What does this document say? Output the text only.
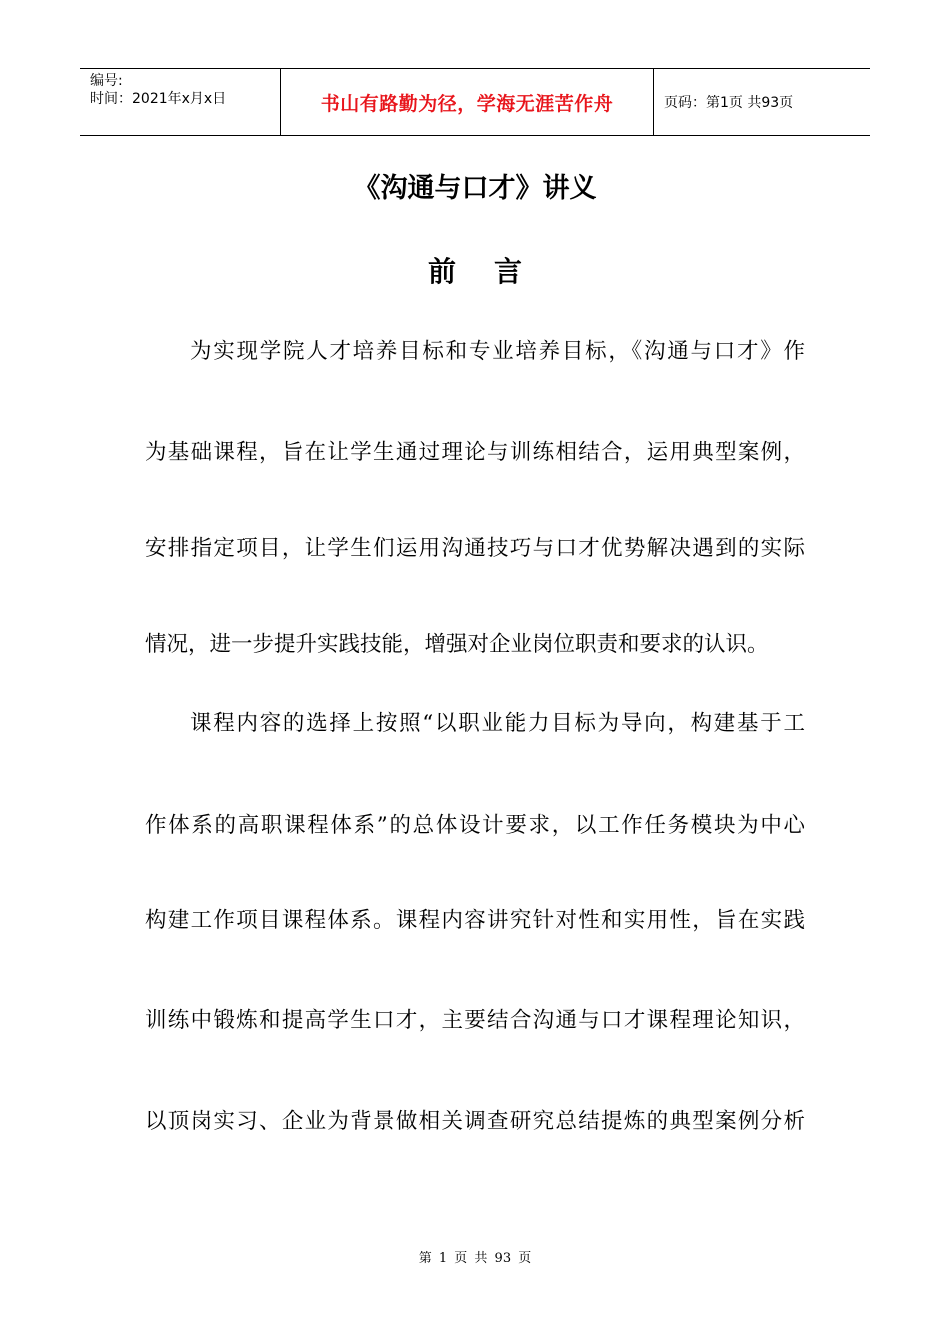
编号:
时间：2021年x月x日	书山有路勤为径，学海无涯苦作舟	页码：第1页 共93页
《沟通与口才》讲义
前言
为实现学院人才培养目标和专业培养目标，《沟通与口才》作
为基础课程，旨在让学生通过理论与训练相结合，运用典型案例，
安排指定项目，让学生们运用沟通技巧与口才优势解决遇到的实际
情况，进一步提升实践技能，增强对企业岗位职责和要求的认识。
课程内容的选择上按照“以职业能力目标为导向，构建基于工
作体系的高职课程体系”的总体设计要求，以工作任务模块为中心
构建工作项目课程体系。课程内容讲究针对性和实用性，旨在实践
训练中锻炼和提高学生口才，主要结合沟通与口才课程理论知识，
以顶岗实习、企业为背景做相关调查研究总结提炼的典型案例分析
第 1 页 共 93 页
